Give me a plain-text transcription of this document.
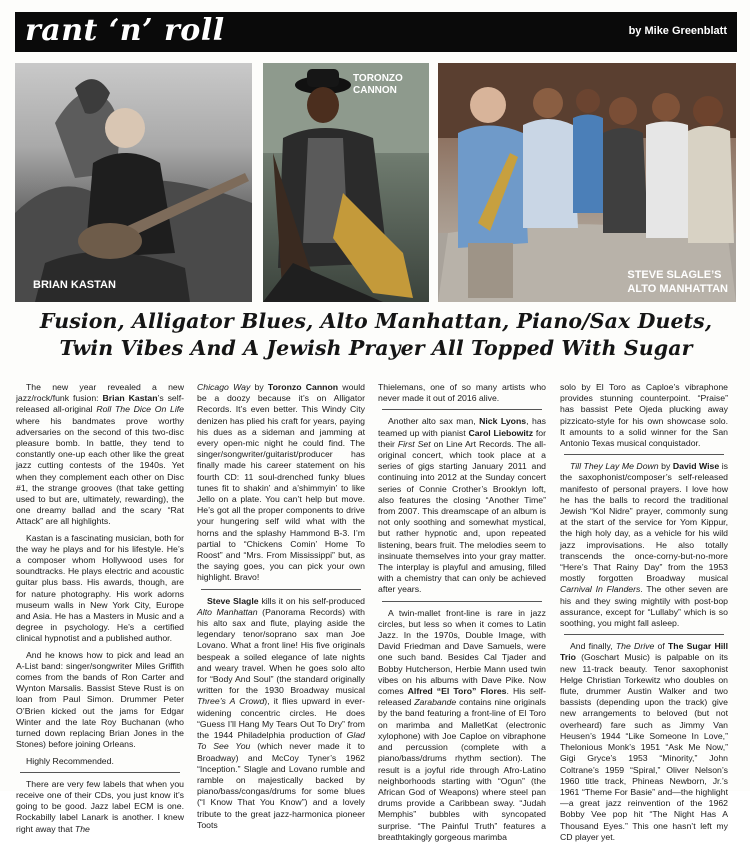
rant ‘n’ roll	by Mike Greenblatt
BRIAN KASTAN
TORONZO CANNON
STEVE SLAGLE’S
ALTO MANHATTAN
Fusion, Alligator Blues, Alto Manhattan, Piano/Sax Duets,
Twin Vibes And A Jewish Prayer All Topped With Sugar

The new year revealed a new jazz/rock/funk fusion: Brian Kastan’s self-released all-original Roll The Dice On Life where his bandmates prove worthy adversaries on the second of this two-disc pleasure bomb. In battle, they tend to constantly one-up each other like the great jazz cutting contests of the 1940s. Yet when they complement each other on Disc #1, the strange grooves (that take getting used to but are, ultimately, rewarding), the one dreamy ballad and the scary “Rat Attack” are all highlights.

Kastan is a fascinating musician, both for the way he plays and for his lifestyle. He’s a composer whom Hollywood uses for soundtracks. He plays electric and acoustic guitar plus bass. His awards, though, are for nature photography. His work adorns museum walls in New York City, Europe and Asia. He has a Masters in Music and a degree in psychology. He’s a certified clinical hypnotist and a published author.

And he knows how to pick and lead an A-List band: singer/songwriter Miles Griffith comes from the bands of Ron Carter and Wynton Marsalis. Bassist Steve Rust is on loan from Paul Simon. Drummer Peter O’Brien kicked out the jams for Edgar Winter and the late Roy Buchanan (who turned down replacing Brian Jones in the Stones) before joining Orleans.

Highly Recommended.

There are very few labels that when you receive one of their CDs, you just know it’s going to be good. Jazz label ECM is one. Rockabilly label Lanark is another. I knew right away that The

Chicago Way by Toronzo Cannon would be a doozy because it’s on Alligator Records. It’s even better. This Windy City denizen has plied his craft for years, paying his dues as a sideman and jamming at every open-mic night he could find. The singer/songwriter/guitarist/producer has finally made his career statement on his fourth CD: 11 soul-drenched funky blues tunes fit to shakin’ and a’shimmyin’ to like Jello on a plate. You can’t help but move. He’s got all the proper components to drive your hungering self wild what with the horns and the splashy Hammond B-3. I’m partial to “Chickens Comin’ Home To Roost” and “Mrs. From Mississippi” but, as the saying goes, you can pick your own highlight. Bravo!

Steve Slagle kills it on his self-produced Alto Manhattan (Panorama Records) with his alto sax and flute, playing aside the legendary tenor/soprano sax man Joe Lovano. What a front line! His five originals bespeak a soiled elegance of late nights and weary travel. When he goes solo alto for “Body And Soul” (the standard originally written for the 1930 Broadway musical Three’s A Crowd), it flies upward in ever-widening concentric circles. He does “Guess I’ll Hang My Tears Out To Dry” from the 1944 Philadelphia production of Glad To See You (which never made it to Broadway) and McCoy Tyner’s 1962 “Inception.” Slagle and Lovano rumble and ramble on majestically backed by piano/bass/congas/drums for some blues (“I Know That You Know”) and a lovely tribute to the great jazz-harmonica pioneer Toots

Thielemans, one of so many artists who never made it out of 2016 alive.

Another alto sax man, Nick Lyons, has teamed up with pianist Carol Liebowitz for their First Set on Line Art Records. The all-original concert, which took place at a series of gigs starting January 2011 and continuing into 2012 at the Sunday concert series of Connie Crother’s Brooklyn loft, also features the closing “Another Time” from 2007. This dreamscape of an album is not only soothing and somewhat mystical, but rather hypnotic and, upon repeated listening, bears fruit. The melodies seem to insinuate themselves into your gray matter. The interplay is playful and amusing, filled with a chemistry that can only be achieved after years.

A twin-mallet front-line is rare in jazz circles, but less so when it comes to Latin Jazz. In the 1970s, Double Image, with David Friedman and Dave Samuels, were one such band. Besides Cal Tjader and Bobby Hutcherson, Herbie Mann used twin vibes on his albums with Dave Pike. Now comes Alfred “El Toro” Flores. His self-released Zarabande contains nine originals by the band featuring a front-line of El Toro on marimba and MalletKat (electronic xylophone) with Joe Caploe on vibraphone and percussion (complete with a piano/bass/drums rhythm section). The result is a joyful ride through Afro-Latino neighborhoods starting with “Ogun” (the African God of Weapons) where steel pan drums provide a Caribbean sway. “Judah Memphis” bubbles with syncopated surprise. “The Painful Truth” features a breathtakingly gorgeous marimba

solo by El Toro as Caploe’s vibraphone provides stunning counterpoint. “Praise” has bassist Pete Ojeda plucking away pizzicato-style for his own showcase solo. It amounts to a solid winner for the San Antonio Texas musical conquistador.

Till They Lay Me Down by David Wise is the saxophonist/composer’s self-released manifesto of personal prayers. I love how he has the balls to record the traditional Jewish “Kol Nidre” prayer, commonly sung at the start of the service for Yom Kippur, the high holy day, as a vehicle for his wild jazz improvisations. He also totally transcends the once-corny-but-no-more “Here’s That Rainy Day” from the 1953 mostly forgotten Broadway musical Carnival In Flanders. The other seven are his and they swing mightily with post-bop assurance, except for “Lullaby” which is so soothing, you might fall asleep.

And finally, The Drive of The Sugar Hill Trio (Goschart Music) is palpable on its new 11-track beauty. Tenor saxophonist Helge Christian Torkewitz who doubles on flute, drummer Austin Walker and two bassists (depending upon the track) give new arrangements to beloved (but not overheard) fare such as Jimmy Van Heusen’s 1944 “Like Someone In Love,” Thelonious Monk’s 1951 “Ask Me Now,” Gigi Gryce’s 1953 “Minority,” John Coltrane’s 1959 “Spiral,” Oliver Nelson’s 1960 title track, Phineas Newborn, Jr.’s 1961 “Theme For Basie” and—the highlight—a great jazz reinvention of the 1962 Bobby Vee pop hit “The Night Has A Thousand Eyes.” This one hasn’t left my CD player yet.
